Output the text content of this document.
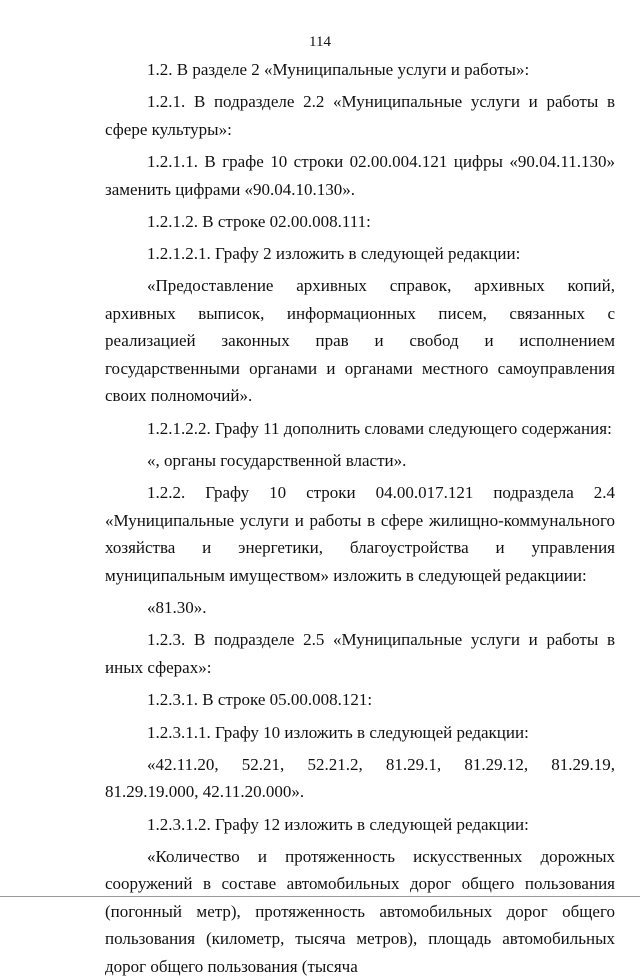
114

1.2. В разделе 2 «Муниципальные услуги и работы»:

1.2.1. В подразделе 2.2 «Муниципальные услуги и работы в сфере культуры»:

1.2.1.1. В графе 10 строки 02.00.004.121 цифры «90.04.11.130» заменить цифрами «90.04.10.130».

1.2.1.2. В строке 02.00.008.111:

1.2.1.2.1. Графу 2 изложить в следующей редакции:

«Предоставление архивных справок, архивных копий, архивных выписок, информационных писем, связанных с реализацией законных прав и свобод и исполнением государственными органами и органами местного самоуправления своих полномочий».

1.2.1.2.2. Графу 11 дополнить словами следующего содержания:

«, органы государственной власти».

1.2.2. Графу 10 строки 04.00.017.121 подраздела 2.4 «Муниципальные услуги и работы в сфере жилищно-коммунального хозяйства и энергетики, благоустройства и управления муниципальным имуществом» изложить в следующей редакциии:

«81.30».

1.2.3. В подразделе 2.5 «Муниципальные услуги и работы в иных сферах»:

1.2.3.1. В строке 05.00.008.121:

1.2.3.1.1. Графу 10 изложить в следующей редакции:

«42.11.20, 52.21, 52.21.2, 81.29.1, 81.29.12, 81.29.19, 81.29.19.000, 42.11.20.000».

1.2.3.1.2. Графу 12 изложить в следующей редакции:

«Количество и протяженность искусственных дорожных сооружений в составе автомобильных дорог общего пользования (погонный метр), протяженность автомобильных дорог общего пользования (километр, тысяча метров), площадь автомобильных дорог общего пользования (тысяча
